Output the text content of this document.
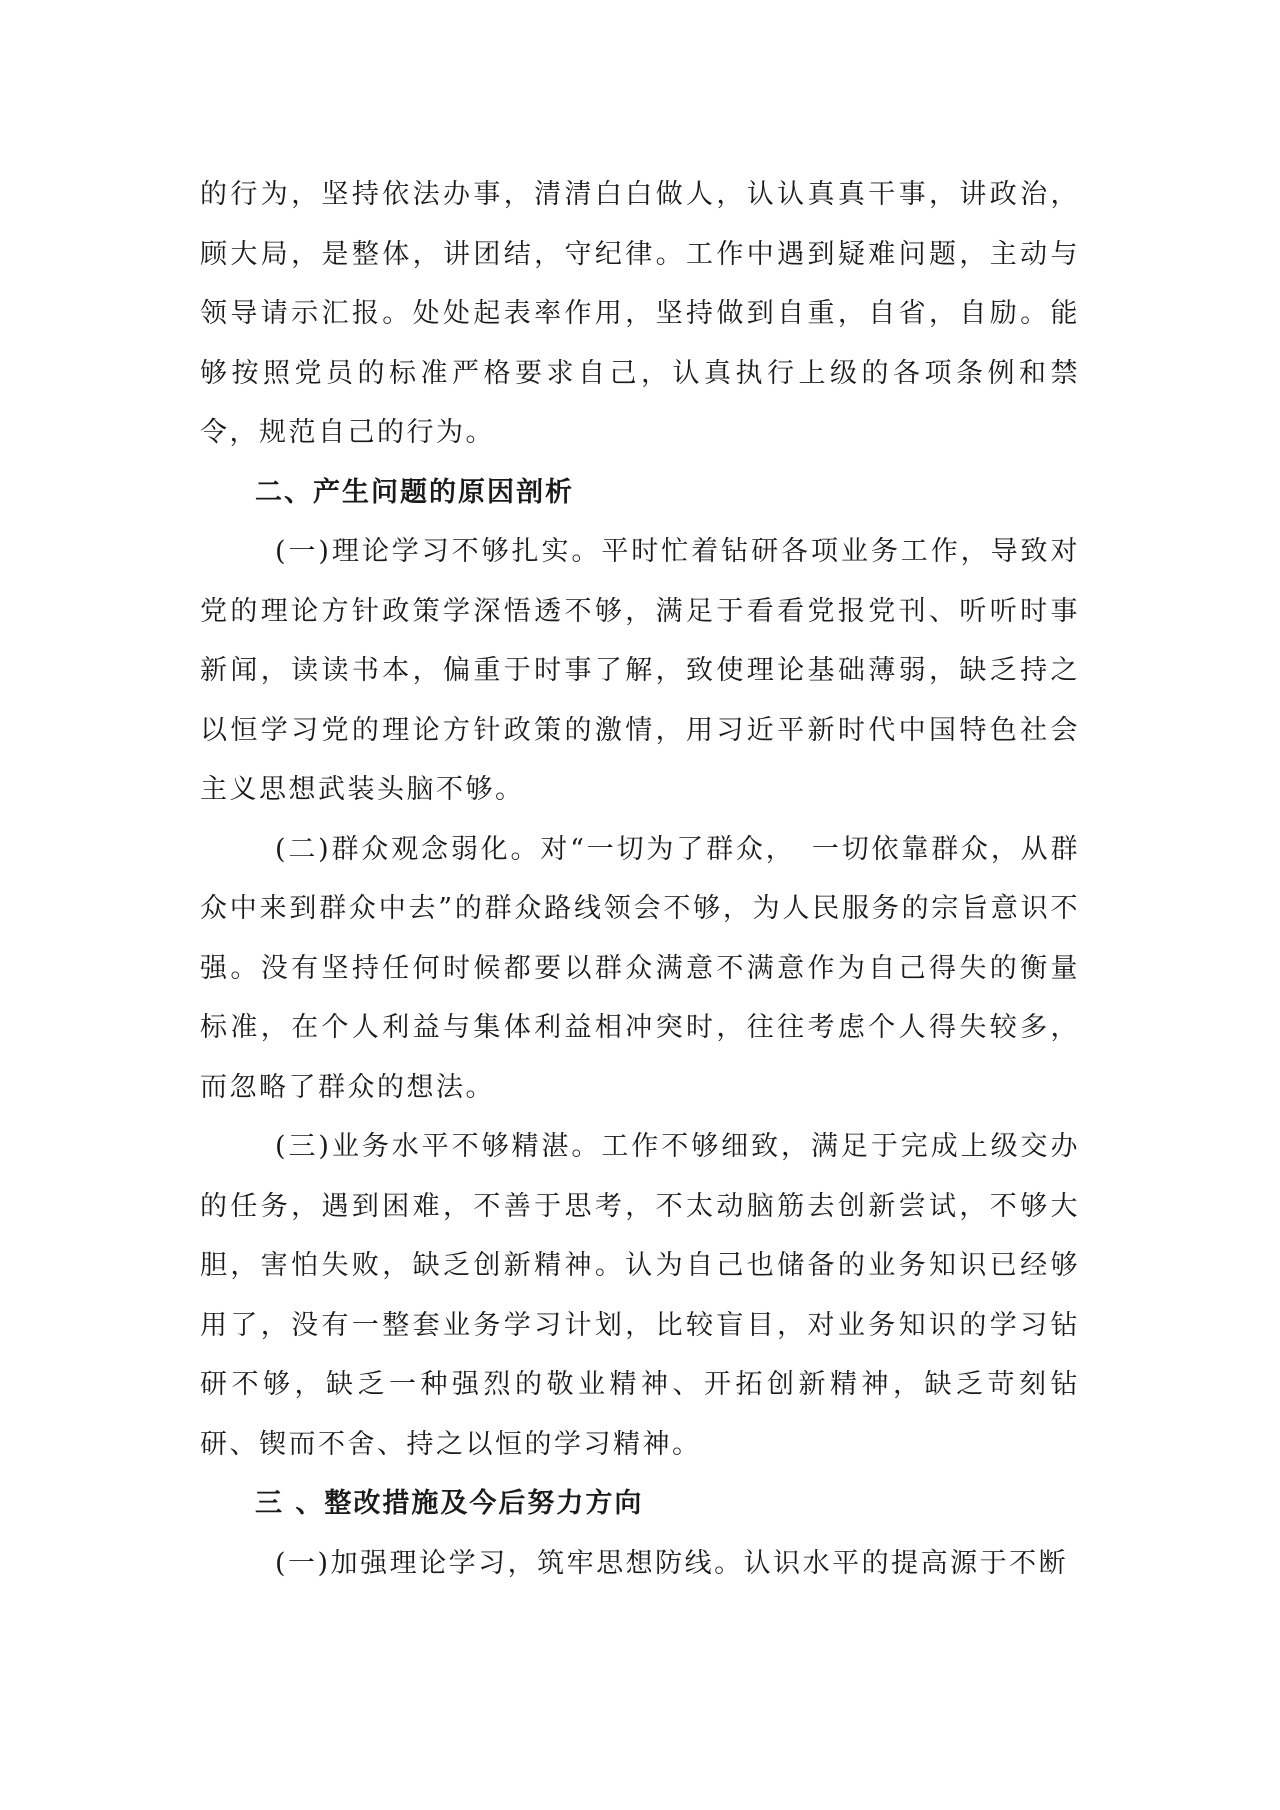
的行为，坚持依法办事，清清白白做人，认认真真干事，讲政治，顾大局，是整体，讲团结，守纪律。工作中遇到疑难问题，主动与领导请示汇报。处处起表率作用，坚持做到自重，自省，自励。能够按照党员的标准严格要求自己，认真执行上级的各项条例和禁令，规范自己的行为。

二、产生问题的原因剖析

(一)理论学习不够扎实。平时忙着钻研各项业务工作，导致对党的理论方针政策学深悟透不够，满足于看看党报党刊、听听时事新闻，读读书本，偏重于时事了解，致使理论基础薄弱，缺乏持之以恒学习党的理论方针政策的激情，用习近平新时代中国特色社会主义思想武装头脑不够。

(二)群众观念弱化。对“一切为了群众，　一切依靠群众，从群众中来到群众中去”的群众路线领会不够，为人民服务的宗旨意识不强。没有坚持任何时候都要以群众满意不满意作为自己得失的衡量标准，在个人利益与集体利益相冲突时，往往考虑个人得失较多，而忽略了群众的想法。

(三)业务水平不够精湛。工作不够细致，满足于完成上级交办的任务，遇到困难，不善于思考，不太动脑筋去创新尝试，不够大胆，害怕失败，缺乏创新精神。认为自己也储备的业务知识已经够用了，没有一整套业务学习计划，比较盲目，对业务知识的学习钻研不够，缺乏一种强烈的敬业精神、开拓创新精神，缺乏苛刻钻研、锲而不舍、持之以恒的学习精神。

三 、整改措施及今后努力方向

(一)加强理论学习，筑牢思想防线。认识水平的提高源于不断
